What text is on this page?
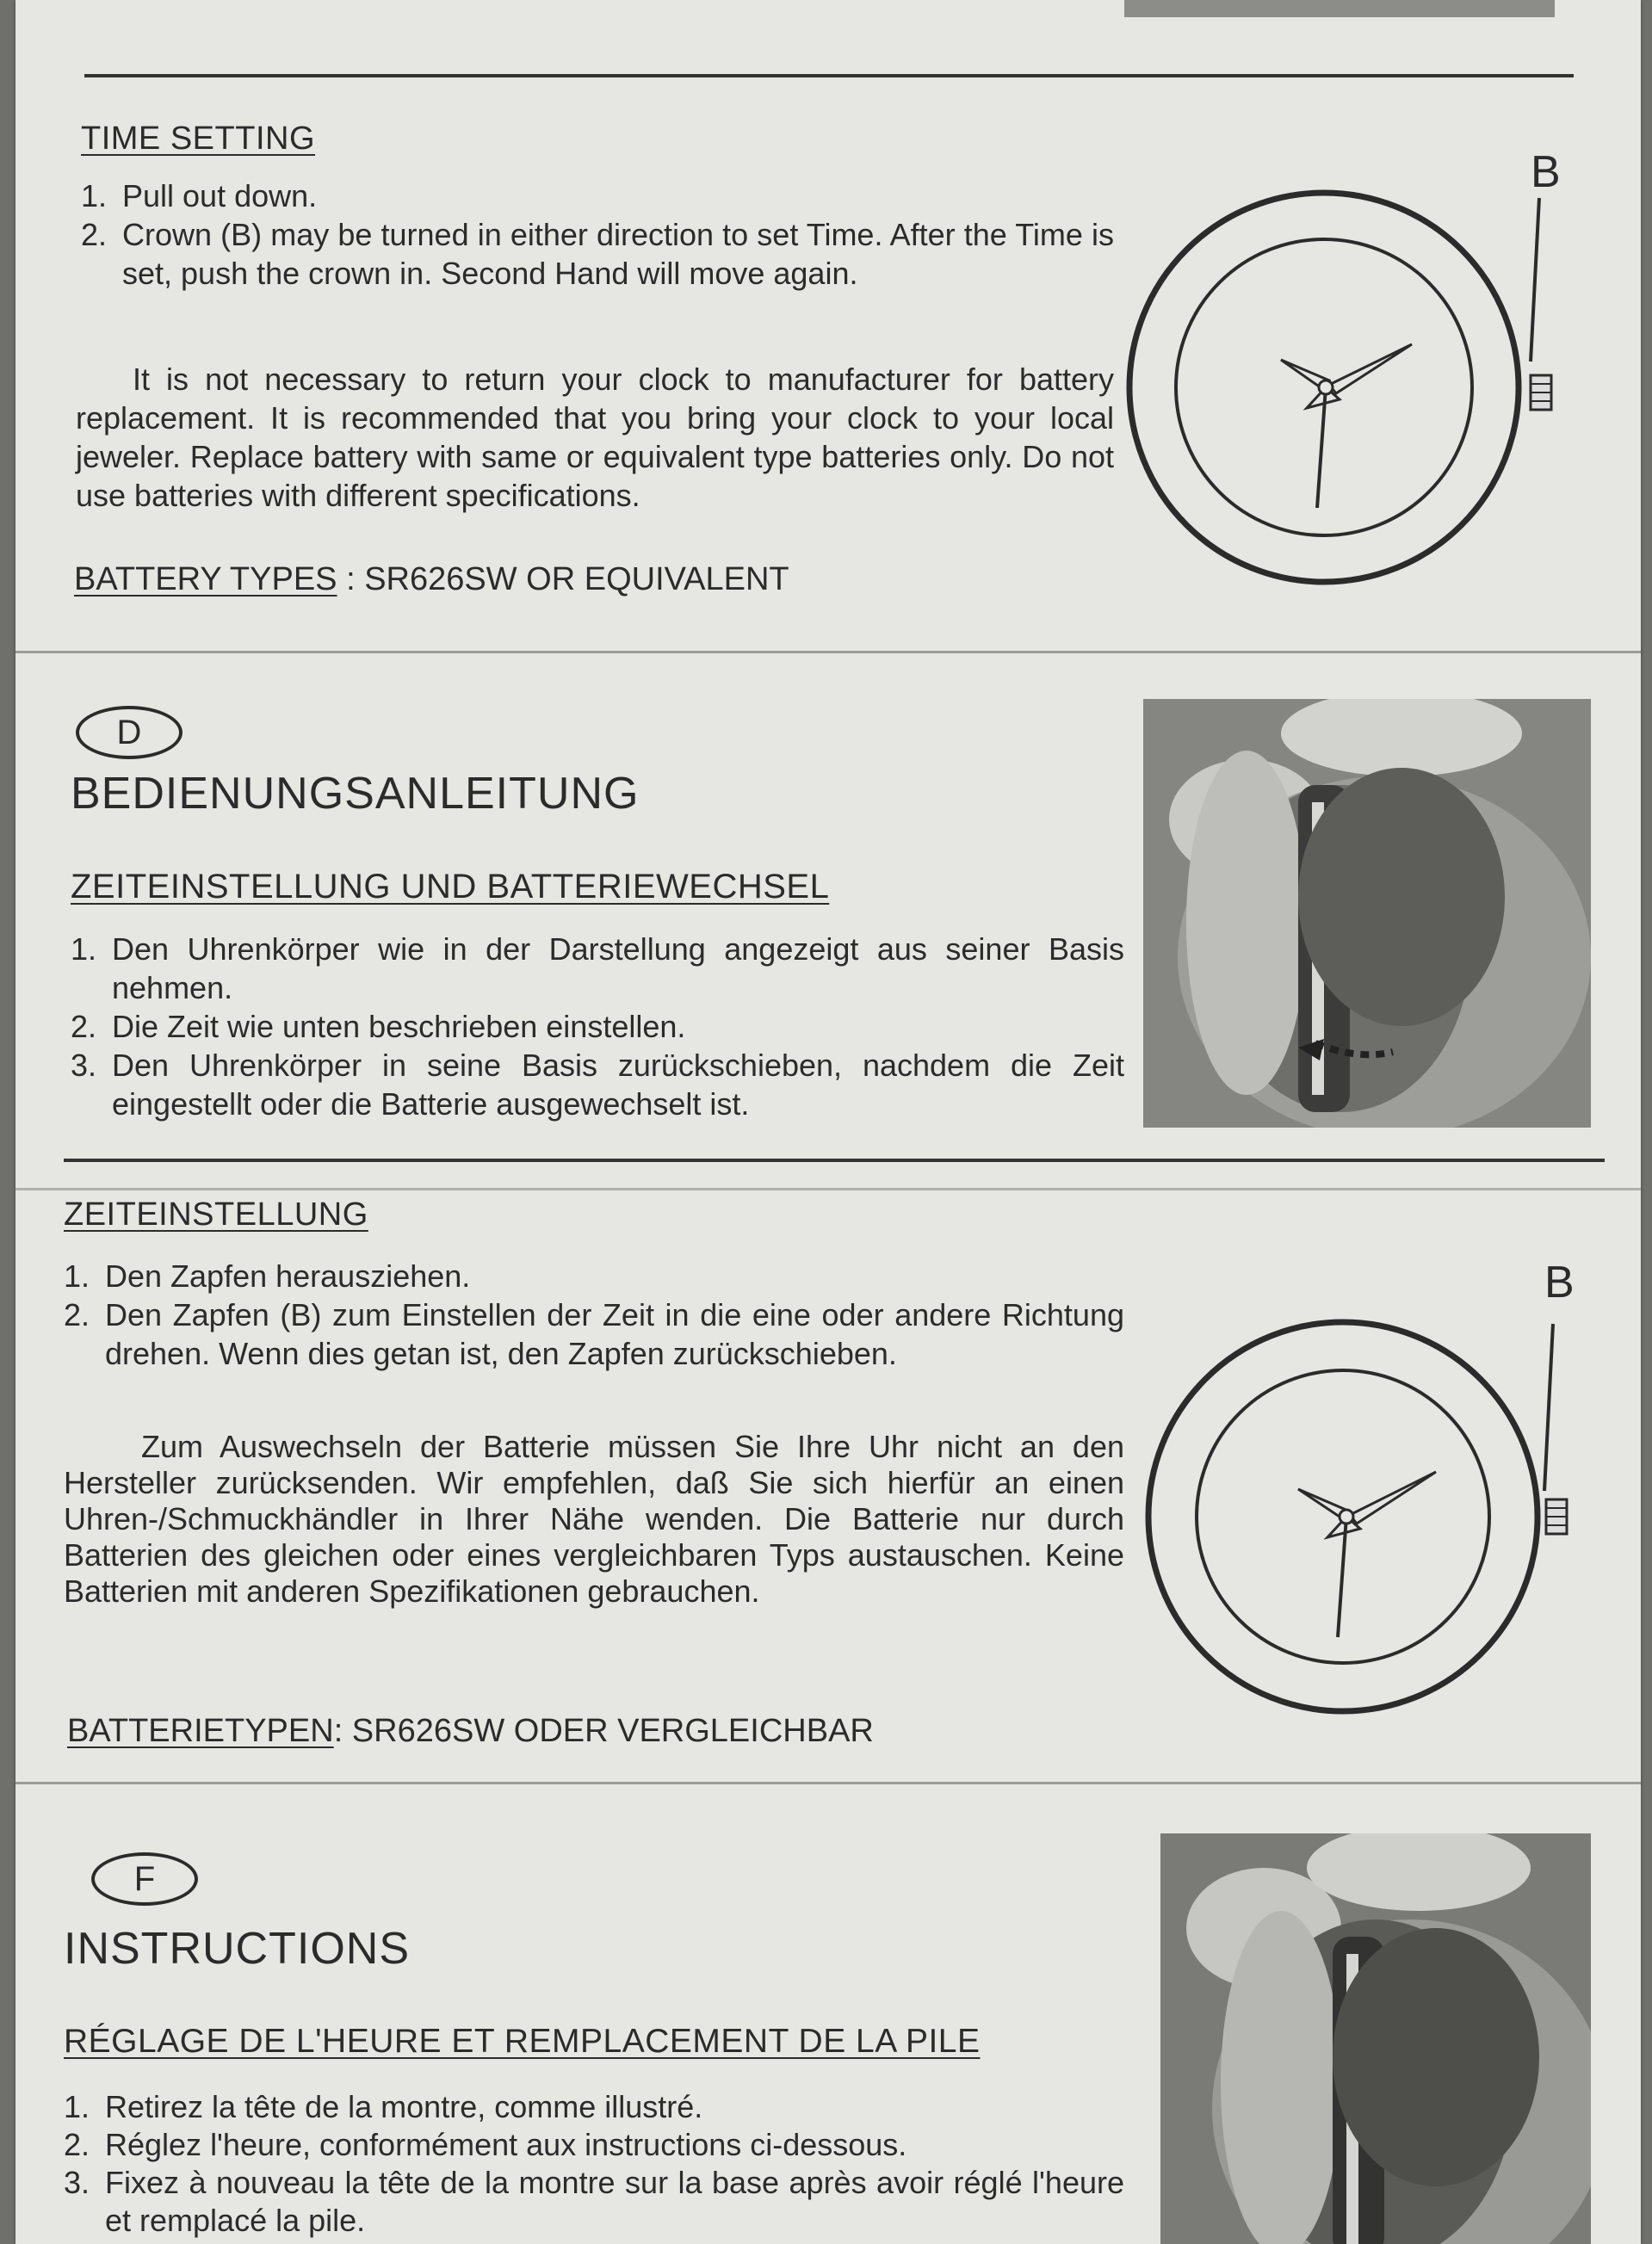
TIME SETTING
1. Pull out down.
2. Crown (B) may be turned in either direction to set Time. After the Time is set, push the crown in. Second Hand will move again.

It is not necessary to return your clock to manufacturer for battery replacement. It is recommended that you bring your clock to your local jeweler. Replace battery with same or equivalent type batteries only. Do not use batteries with different specifications.

BATTERY TYPES : SR626SW OR EQUIVALENT
B
D
BEDIENUNGSANLEITUNG
ZEITEINSTELLUNG UND BATTERIEWECHSEL
1. Den Uhrenkörper wie in der Darstellung angezeigt aus seiner Basis nehmen.
2. Die Zeit wie unten beschrieben einstellen.
3. Den Uhrenkörper in seine Basis zurückschieben, nachdem die Zeit eingestellt oder die Batterie ausgewechselt ist.
ZEITEINSTELLUNG
1. Den Zapfen herausziehen.
2. Den Zapfen (B) zum Einstellen der Zeit in die eine oder andere Richtung drehen. Wenn dies getan ist, den Zapfen zurückschieben.

Zum Auswechseln der Batterie müssen Sie Ihre Uhr nicht an den Hersteller zurücksenden. Wir empfehlen, daß Sie sich hierfür an einen Uhren-/Schmuckhändler in Ihrer Nähe wenden. Die Batterie nur durch Batterien des gleichen oder eines vergleichbaren Typs austauschen. Keine Batterien mit anderen Spezifikationen gebrauchen.

BATTERIETYPEN: SR626SW ODER VERGLEICHBAR
B
F
INSTRUCTIONS
RÉGLAGE DE L'HEURE ET REMPLACEMENT DE LA PILE
1. Retirez la tête de la montre, comme illustré.
2. Réglez l'heure, conformément aux instructions ci-dessous.
3. Fixez à nouveau la tête de la montre sur la base après avoir réglé l'heure et remplacé la pile.
